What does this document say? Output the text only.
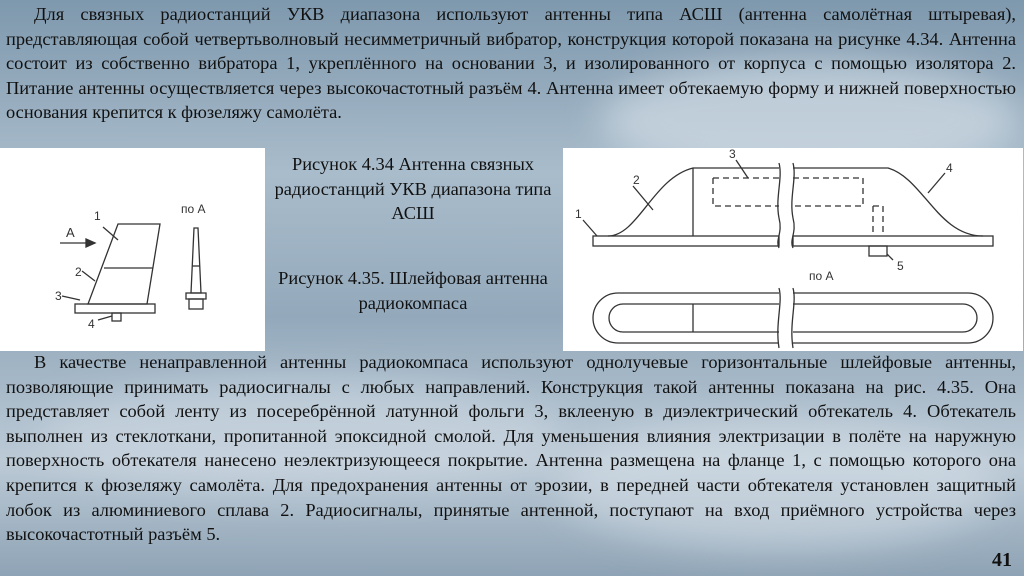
Для связных радиостанций УКВ диапазона используют антенны типа АСШ (антенна самолётная штыревая), представляющая собой четвертьволновый несимметричный вибратор, конструкция которой показана на рисунке 4.34. Антенна состоит из собственно вибратора 1, укреплённого на основании 3, и изолированного от корпуса с помощью изолятора 2. Питание антенны осуществляется через высокочастотный разъём 4. Антенна имеет обтекаемую форму и нижней поверхностью основания крепится к фюзеляжу самолёта.

1
2
3
4
A
по А

Рисунок 4.34 Антенна связных радиостанций УКВ диапазона типа АСШ

Рисунок 4.35. Шлейфовая антенна радиокомпаса

1
2
3
4
5
по А

В качестве ненаправленной антенны радиокомпаса используют однолучевые горизонтальные шлейфовые антенны, позволяющие принимать радиосигналы с любых направлений. Конструкция такой антенны показана на рис. 4.35. Она представляет собой ленту из посеребрённой латунной фольги 3, вклееную в диэлектрический обтекатель 4. Обтекатель выполнен из стеклоткани, пропитанной эпоксидной смолой. Для уменьшения влияния электризации в полёте на наружную поверхность обтекателя нанесено неэлектризующееся покрытие. Антенна размещена на фланце 1, с помощью которого она крепится к фюзеляжу самолёта. Для предохранения антенны от эрозии, в передней части обтекателя установлен защитный лобок из алюминиевого сплава 2. Радиосигналы, принятые антенной, поступают на вход приёмного устройства через высокочастотный разъём 5.

41
